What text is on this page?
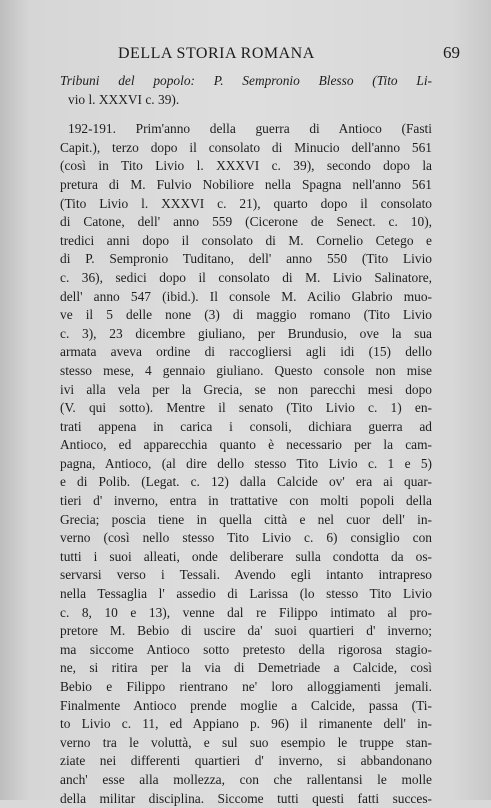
DELLA STORIA ROMANA	69
Tribuni del popolo: P. Sempronio Blesso (Tito Li-
vio l. XXXVI c. 39).
192-191. Prim'anno della guerra di Antioco (Fasti
Capit.), terzo dopo il consolato di Minucio dell'anno 561
(così in Tito Livio l. XXXVI c. 39), secondo dopo la
pretura di M. Fulvio Nobiliore nella Spagna nell'anno 561
(Tito Livio l. XXXVI c. 21), quarto dopo il consolato
di Catone, dell' anno 559 (Cicerone de Senect. c. 10),
tredici anni dopo il consolato di M. Cornelio Cetego e
di P. Sempronio Tuditano, dell' anno 550 (Tito Livio
c. 36), sedici dopo il consolato di M. Livio Salinatore,
dell' anno 547 (ibid.). Il console M. Acilio Glabrio muo-
ve il 5 delle none (3) di maggio romano (Tito Livio
c. 3), 23 dicembre giuliano, per Brundusio, ove la sua
armata aveva ordine di raccogliersi agli idi (15) dello
stesso mese, 4 gennaio giuliano. Questo console non mise
ivi alla vela per la Grecia, se non parecchi mesi dopo
(V. qui sotto). Mentre il senato (Tito Livio c. 1) en-
trati appena in carica i consoli, dichiara guerra ad
Antioco, ed apparecchia quanto è necessario per la cam-
pagna, Antioco, (al dire dello stesso Tito Livio c. 1 e 5)
e di Polib. (Legat. c. 12) dalla Calcide ov' era ai quar-
tieri d' inverno, entra in trattative con molti popoli della
Grecia; poscia tiene in quella città e nel cuor dell' in-
verno (così nello stesso Tito Livio c. 6) consiglio con
tutti i suoi alleati, onde deliberare sulla condotta da os-
servarsi verso i Tessali. Avendo egli intanto intrapreso
nella Tessaglia l' assedio di Larissa (lo stesso Tito Livio
c. 8, 10 e 13), venne dal re Filippo intimato al pro-
pretore M. Bebio di uscire da' suoi quartieri d' inverno;
ma siccome Antioco sotto pretesto della rigorosa stagio-
ne, si ritira per la via di Demetriade a Calcide, così
Bebio e Filippo rientrano ne' loro alloggiamenti jemali.
Finalmente Antioco prende moglie a Calcide, passa (Ti-
to Livio c. 11, ed Appiano p. 96) il rimanente dell' in-
verno tra le voluttà, e sul suo esempio le truppe stan-
ziate nei differenti quartieri d' inverno, si abbandonano
anch' esse alla mollezza, con che rallentansi le molle
della militar disciplina. Siccome tutti questi fatti succes-
